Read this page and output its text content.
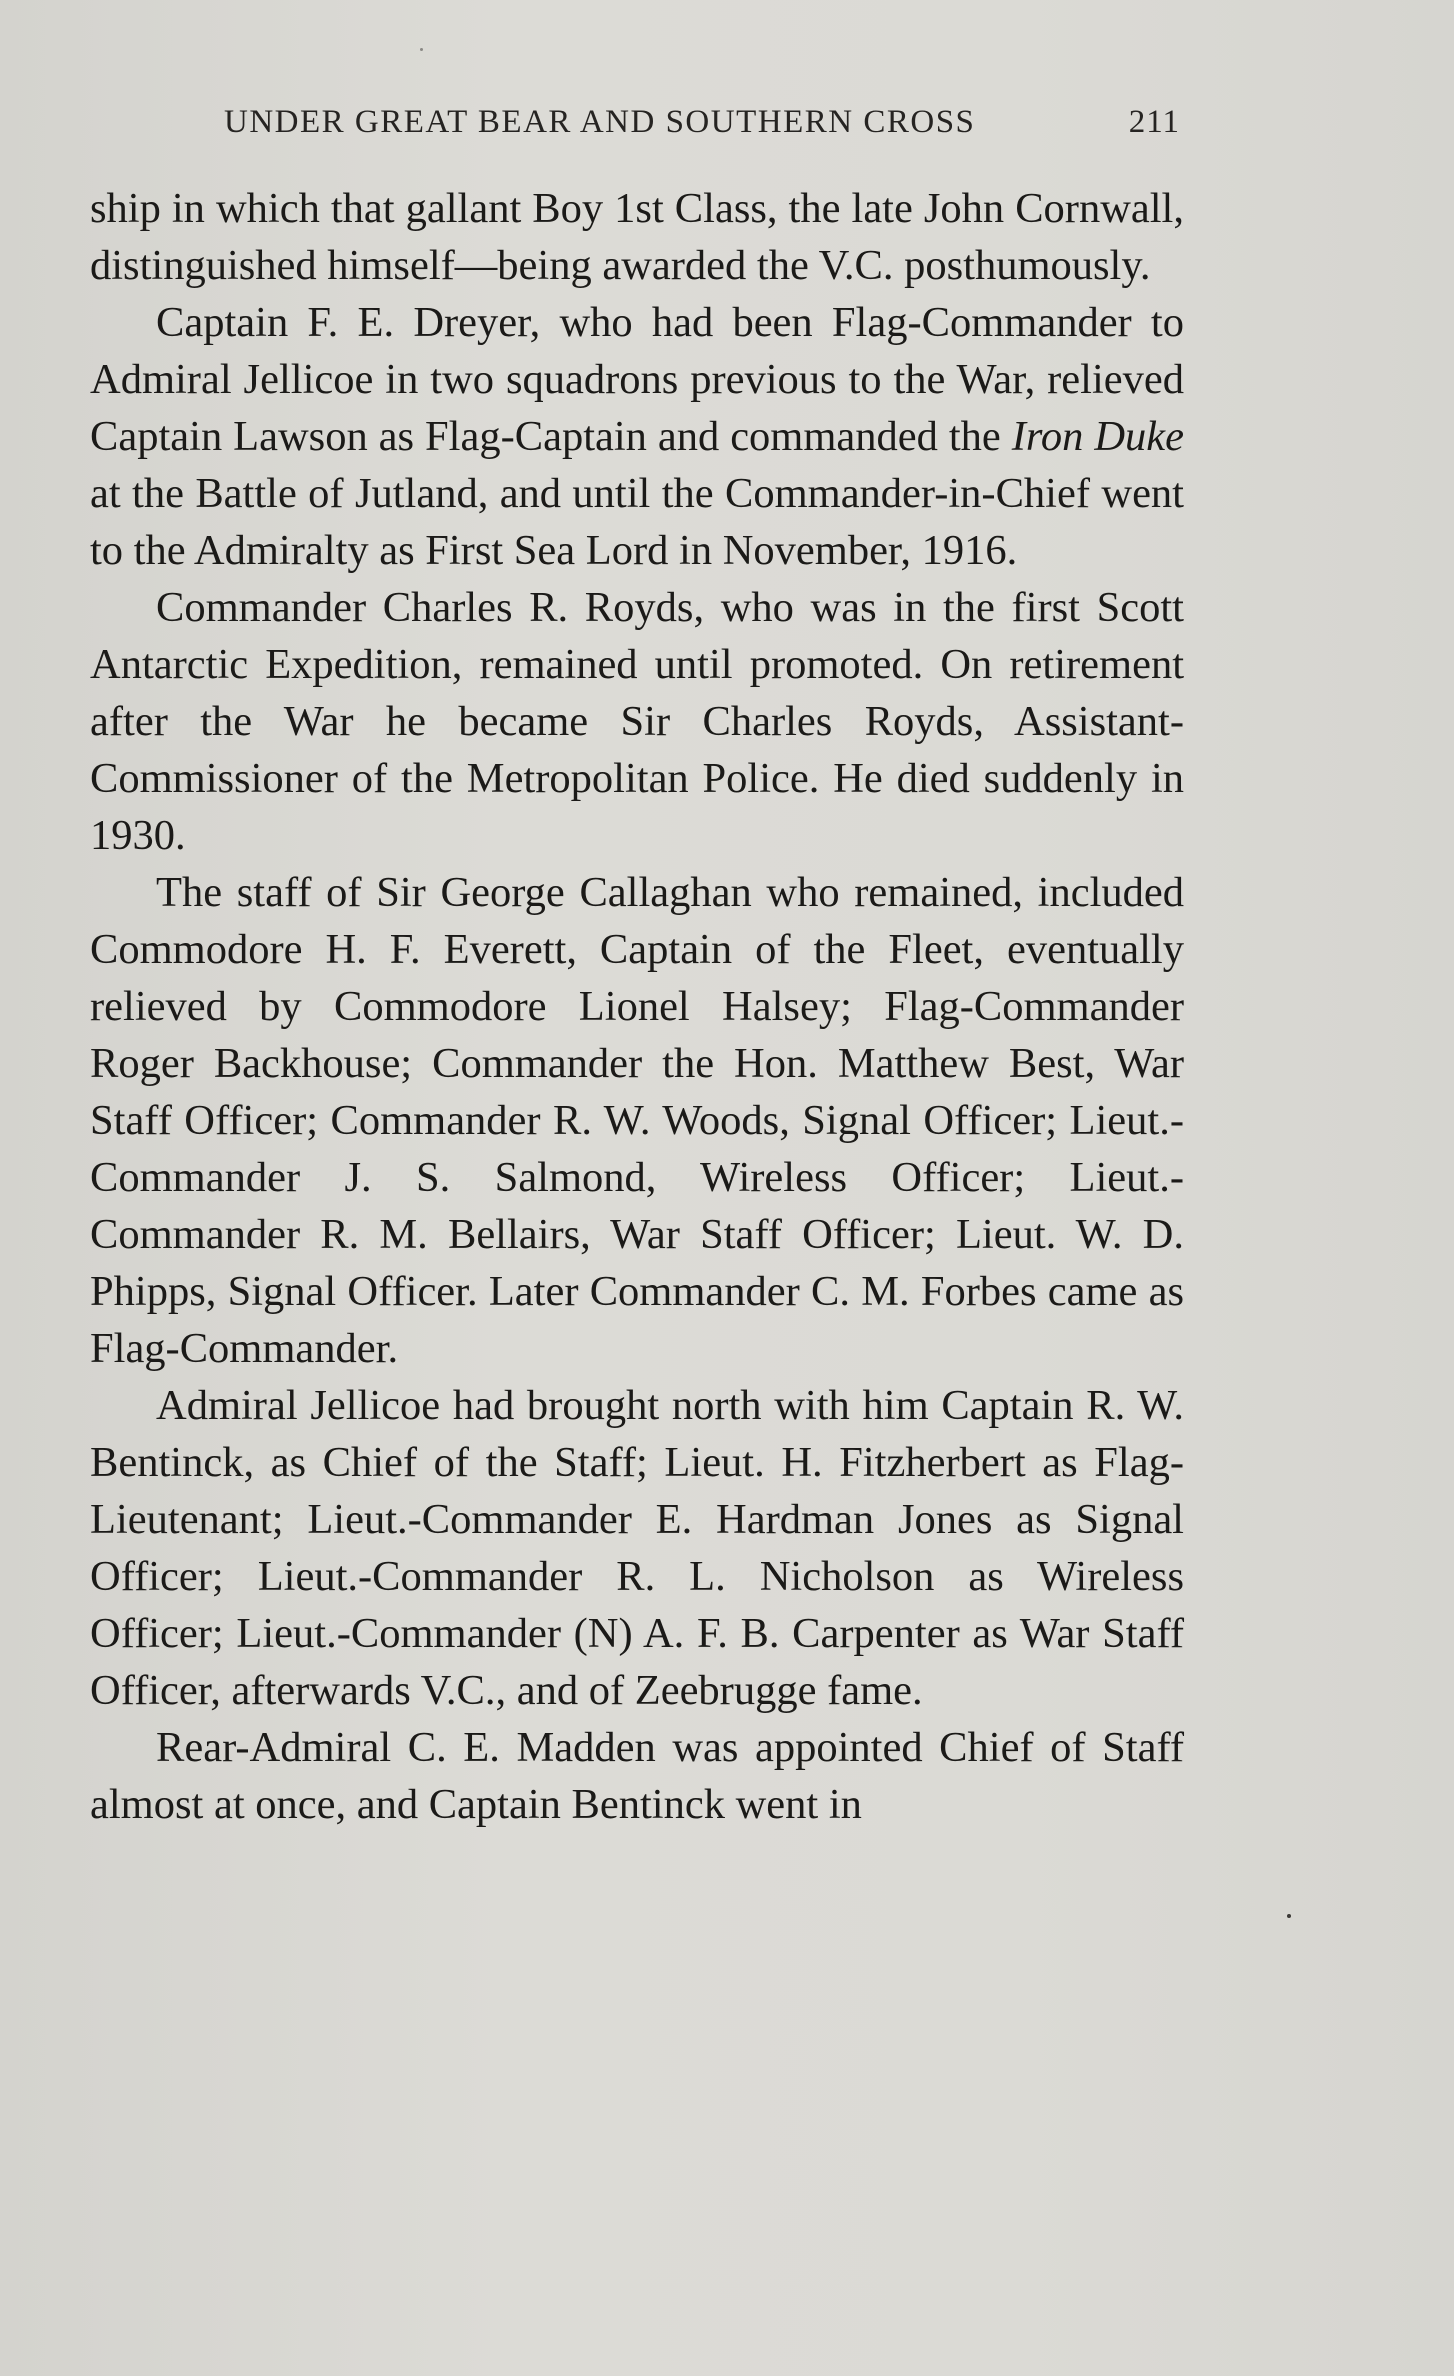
UNDER GREAT BEAR AND SOUTHERN CROSS	211

ship in which that gallant Boy 1st Class, the late John Cornwall, distinguished himself—being awarded the V.C. posthumously.

Captain F. E. Dreyer, who had been Flag-Commander to Admiral Jellicoe in two squadrons previous to the War, relieved Captain Lawson as Flag-Captain and commanded the Iron Duke at the Battle of Jutland, and until the Commander-in-Chief went to the Admiralty as First Sea Lord in November, 1916.

Commander Charles R. Royds, who was in the first Scott Antarctic Expedition, remained until promoted. On retirement after the War he became Sir Charles Royds, Assistant-Commissioner of the Metropolitan Police. He died suddenly in 1930.

The staff of Sir George Callaghan who remained, included Commodore H. F. Everett, Captain of the Fleet, eventually relieved by Commodore Lionel Halsey; Flag-Commander Roger Backhouse; Commander the Hon. Matthew Best, War Staff Officer; Commander R. W. Woods, Signal Officer; Lieut.-Commander J. S. Salmond, Wireless Officer; Lieut.-Commander R. M. Bellairs, War Staff Officer; Lieut. W. D. Phipps, Signal Officer. Later Commander C. M. Forbes came as Flag-Commander.

Admiral Jellicoe had brought north with him Captain R. W. Bentinck, as Chief of the Staff; Lieut. H. Fitzherbert as Flag-Lieutenant; Lieut.-Commander E. Hardman Jones as Signal Officer; Lieut.-Commander R. L. Nicholson as Wireless Officer; Lieut.-Commander (N) A. F. B. Carpenter as War Staff Officer, afterwards V.C., and of Zeebrugge fame.

Rear-Admiral C. E. Madden was appointed Chief of Staff almost at once, and Captain Bentinck went in
